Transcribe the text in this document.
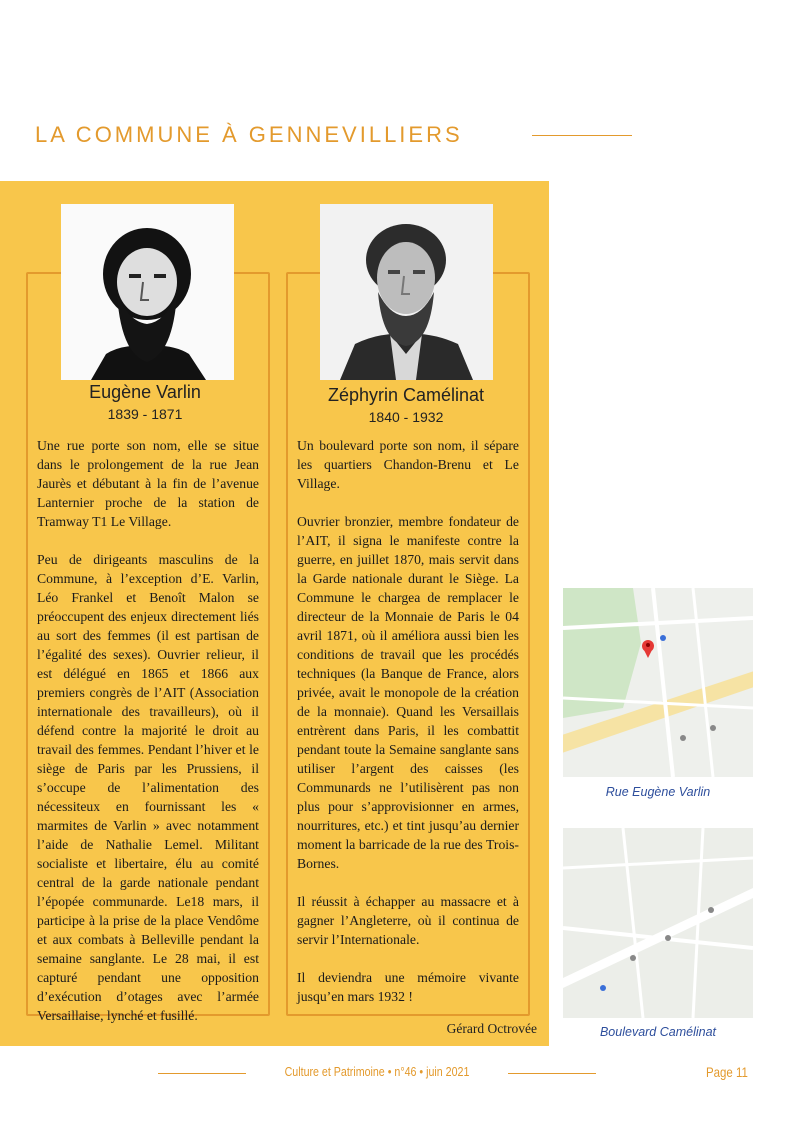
LA COMMUNE À GENNEVILLIERS
Eugène Varlin
1839 - 1871
Zéphyrin Camélinat
1840 - 1932

Une rue porte son nom, elle se situe dans le prolongement de la rue Jean Jaurès et débutant à la fin de l’avenue Lanternier proche de la station de Tramway T1 Le Village.

Peu de dirigeants masculins de la Commune, à l’exception d’E. Varlin, Léo Frankel et Benoît Malon se préoccupent des enjeux directement liés au sort des femmes (il est partisan de l’égalité des sexes). Ouvrier relieur, il est délégué en 1865 et 1866 aux premiers congrès de l’AIT (Association internationale des travailleurs), où il défend contre la majorité le droit au travail des femmes. Pendant l’hiver et le siège de Paris par les Prussiens, il s’occupe de l’alimentation des nécessiteux en fournissant les « marmites de Varlin » avec notamment l’aide de Nathalie Lemel. Militant socialiste et libertaire, élu au comité central de la garde nationale pendant l’épopée communarde. Le18 mars, il participe à la prise de la place Vendôme et aux combats à Belleville pendant la semaine sanglante. Le 28 mai, il est capturé pendant une opposition d’exécution d’otages avec l’armée Versaillaise, lynché et fusillé.

Un boulevard porte son nom, il sépare les quartiers Chandon-Brenu et Le Village.

Ouvrier bronzier, membre fondateur de l’AIT, il signa le manifeste contre la guerre, en juillet 1870, mais servit dans la Garde nationale durant le Siège. La Commune le chargea de remplacer le directeur de la Monnaie de Paris le 04 avril 1871, où il améliora aussi bien les conditions de travail que les procédés techniques (la Banque de France, alors privée, avait le monopole de la création de la monnaie). Quand les Versaillais entrèrent dans Paris, il les combattit pendant toute la Semaine sanglante sans utiliser l’argent des caisses (les Communards ne l’utilisèrent pas non plus pour s’approvisionner en armes, nourritures, etc.) et tint jusqu’au dernier moment la barricade de la rue des Trois-Bornes.

Il réussit à échapper au massacre et à gagner l’Angleterre, où il continua de servir l’Internationale.

Il deviendra une mémoire vivante jusqu’en mars 1932 !

Gérard Octrovée
Rue Eugène Varlin
Boulevard Camélinat
Culture et Patrimoine • n°46 • juin 2021	Page 11
